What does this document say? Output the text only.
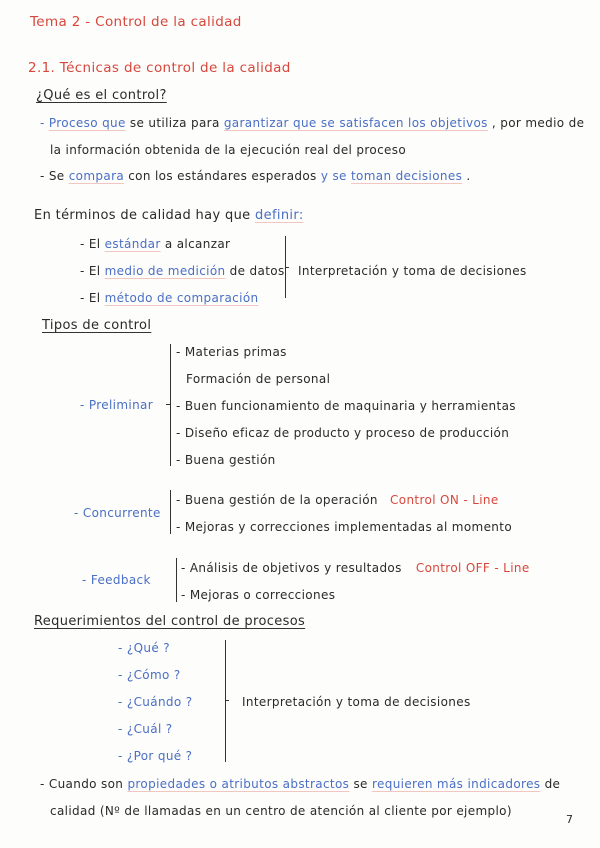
Tema 2 - Control de la calidad
2.1. Técnicas de control de la calidad
¿Qué es el control?
- Proceso que se utiliza para garantizar que se satisfacen los objetivos , por medio de
la información obtenida de la ejecución real del proceso
- Se compara con los estándares esperados y se toman decisiones .
En términos de calidad hay que definir:
- El estándar a alcanzar
- El medio de medición de datos
- El método de comparación
Interpretación y toma de decisiones
Tipos de control
- Preliminar
- Materias primas
Formación de personal
- Buen funcionamiento de maquinaria y herramientas
- Diseño eficaz de producto y proceso de producción
- Buena gestión
- Concurrente
- Buena gestión de la operación Control ON - Line
- Mejoras y correcciones implementadas al momento
- Feedback
- Análisis de objetivos y resultados Control OFF - Line
- Mejoras o correcciones
Requerimientos del control de procesos
- ¿Qué ?
- ¿Cómo ?
- ¿Cuándo ?
- ¿Cuál ?
- ¿Por qué ?
Interpretación y toma de decisiones
- Cuando son propiedades o atributos abstractos se requieren más indicadores de
calidad (Nº de llamadas en un centro de atención al cliente por ejemplo)
7
